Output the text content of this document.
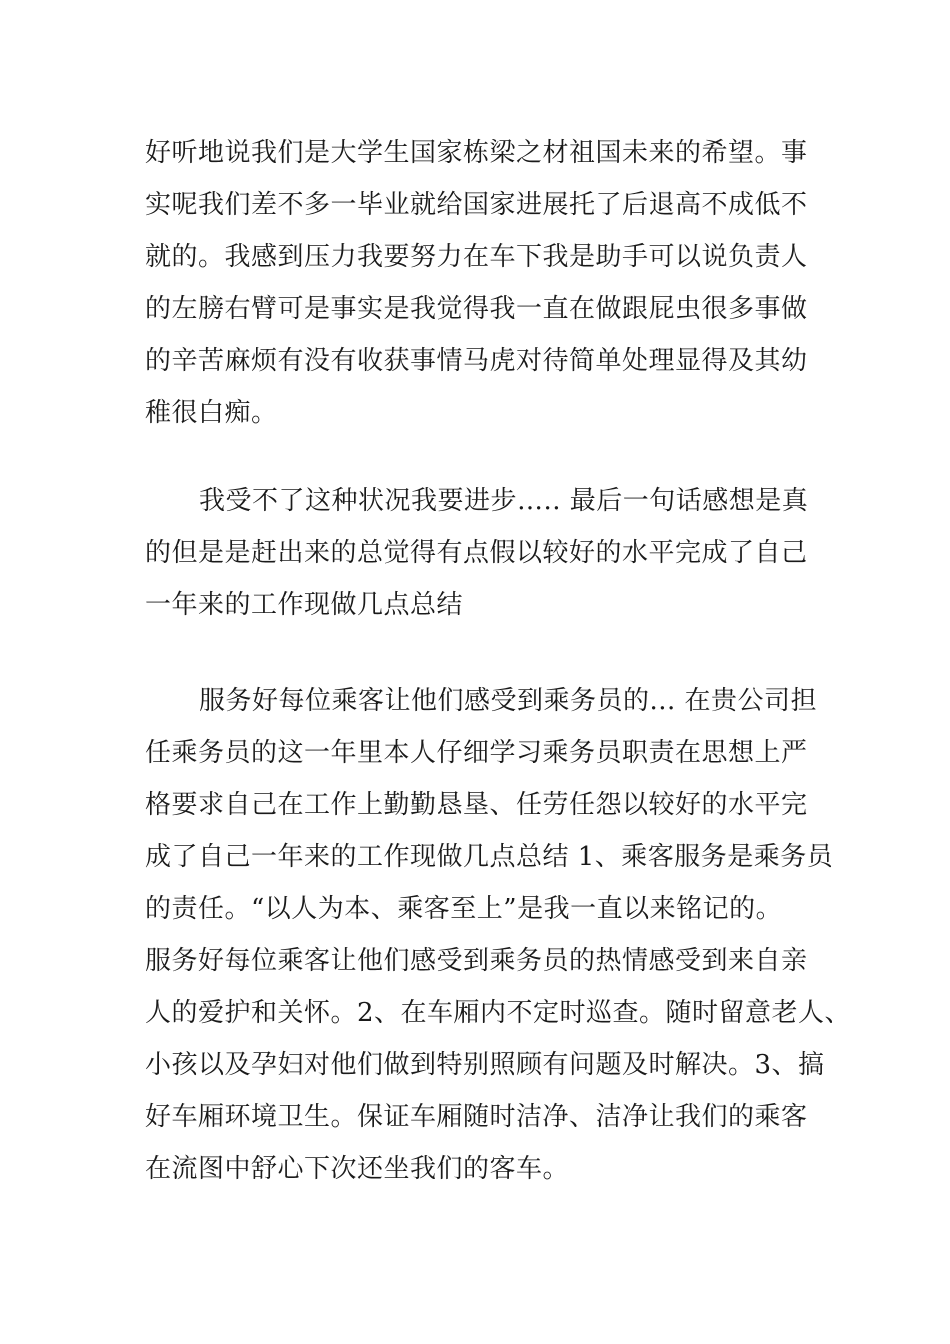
好听地说我们是大学生国家栋梁之材祖国未来的希望。事
实呢我们差不多一毕业就给国家进展托了后退高不成低不
就的。我感到压力我要努力在车下我是助手可以说负责人
的左膀右臂可是事实是我觉得我一直在做跟屁虫很多事做
的辛苦麻烦有没有收获事情马虎对待简单处理显得及其幼
稚很白痴。
我受不了这种状况我要进步….. 最后一句话感想是真
的但是是赶出来的总觉得有点假以较好的水平完成了自己
一年来的工作现做几点总结
服务好每位乘客让他们感受到乘务员的... 在贵公司担
任乘务员的这一年里本人仔细学习乘务员职责在思想上严
格要求自己在工作上勤勤恳垦、任劳任怨以较好的水平完
成了自己一年来的工作现做几点总结 1、乘客服务是乘务员
的责任。“以人为本、乘客至上”是我一直以来铭记的。
服务好每位乘客让他们感受到乘务员的热情感受到来自亲
人的爱护和关怀。2、在车厢内不定时巡查。随时留意老人、
小孩以及孕妇对他们做到特别照顾有问题及时解决。3、搞
好车厢环境卫生。保证车厢随时洁净、洁净让我们的乘客
在流图中舒心下次还坐我们的客车。
